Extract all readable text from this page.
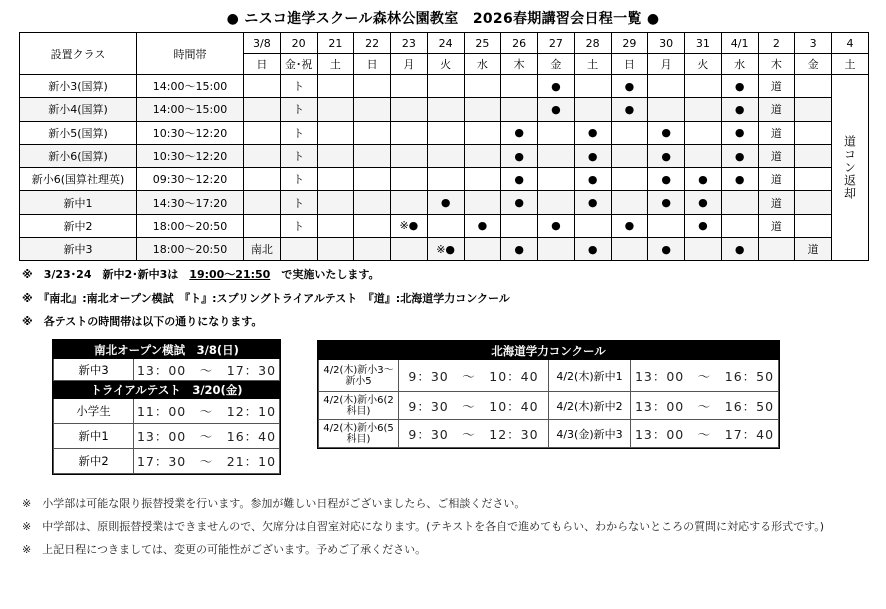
● ニスコ進学スクール森林公園教室　2026春期講習会日程一覧 ●
設置クラス	時間帯	3/8	20	21	22	23	24	25	26	27	28	29	30	31	4/1	2	3	4
		日	金･祝	土	日	月	火	水	木	金	土	日	月	火	水	木	金	土
新小3(国算)	14:00～15:00		ト							●		●			●	道		道コン返却
新小4(国算)	14:00～15:00		ト							●		●			●	道		
新小5(国算)	10:30～12:20		ト						●		●		●		●	道		
新小6(国算)	10:30～12:20		ト						●		●		●		●	道		
新小6(国算社理英)	09:30～12:20		ト						●		●		●	●	●	道		
新中1	14:30～17:20		ト				●		●		●		●	●		道		
新中2	18:00～20:50		ト			※●		●		●		●		●		道		
新中3	18:00～20:50	南北					※●		●		●		●		●		道	
※　3/23･24　新中2･新中3は　19:00～21:50　で実施いたします。
※　『南北』:南北オープン模試　『ト』:スプリングトライアルテスト　『道』:北海道学力コンクール
※　各テストの時間帯は以下の通りになります。
南北オープン模試　3/8(日)	
新中3	13：00　～　17：30
トライアルテスト　3/20(金)	
小学生	11：00　～　12：10
新中1	13：00　～　16：40
新中2	17：30　～　21：10
北海道学力コンクール			
4/2(木)新小3～新小5	9：30　～　10：40	4/2(木)新中1	13：00　～　16：50
4/2(木)新小6(2科目)	9：30　～　10：40	4/2(木)新中2	13：00　～　16：50
4/2(木)新小6(5科目)	9：30　～　12：30	4/3(金)新中3	13：00　～　17：40
※　小学部は可能な限り振替授業を行います。参加が難しい日程がございましたら、ご相談ください。
※　中学部は、原則振替授業はできませんので、欠席分は自習室対応になります。(テキストを各自で進めてもらい、わからないところの質問に対応する形式です。)
※　上記日程につきましては、変更の可能性がございます。予めご了承ください。
